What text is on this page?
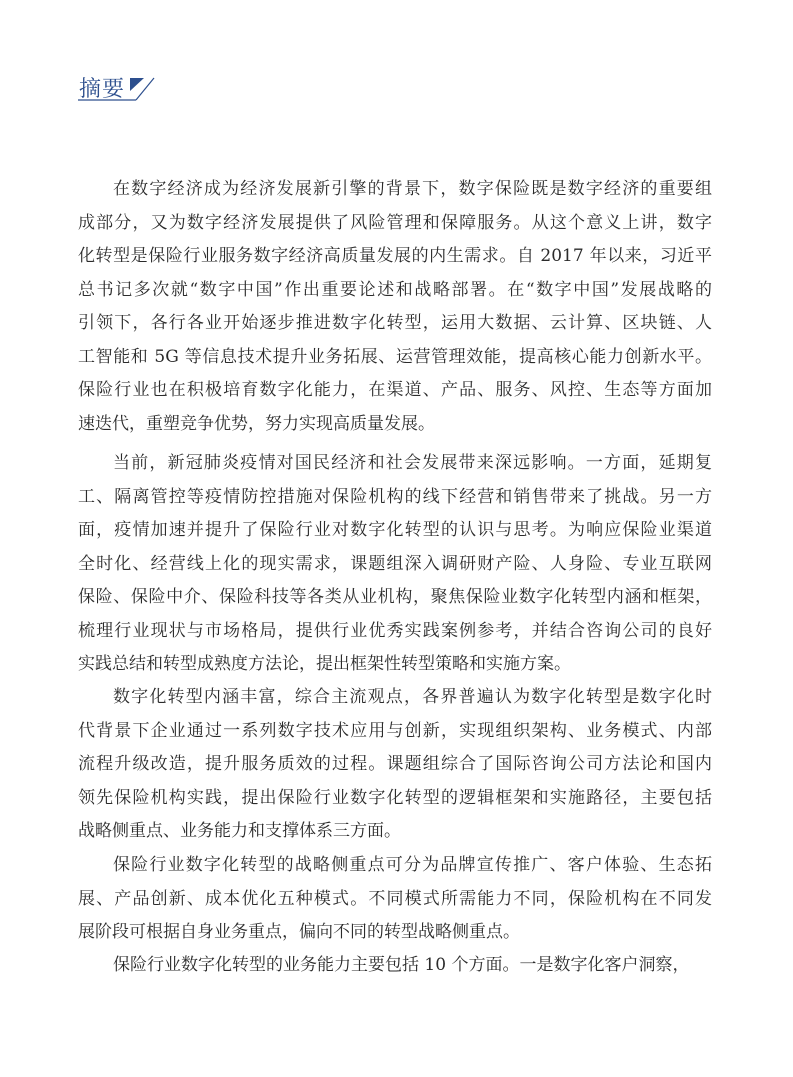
摘要
在数字经济成为经济发展新引擎的背景下，数字保险既是数字经济的重要组
成部分，又为数字经济发展提供了风险管理和保障服务。从这个意义上讲，数字
化转型是保险行业服务数字经济高质量发展的内生需求。自 2017 年以来，习近平
总书记多次就“数字中国”作出重要论述和战略部署。在“数字中国”发展战略的
引领下，各行各业开始逐步推进数字化转型，运用大数据、云计算、区块链、人
工智能和 5G 等信息技术提升业务拓展、运营管理效能，提高核心能力创新水平。
保险行业也在积极培育数字化能力，在渠道、产品、服务、风控、生态等方面加
速迭代，重塑竞争优势，努力实现高质量发展。
当前，新冠肺炎疫情对国民经济和社会发展带来深远影响。一方面，延期复
工、隔离管控等疫情防控措施对保险机构的线下经营和销售带来了挑战。另一方
面，疫情加速并提升了保险行业对数字化转型的认识与思考。为响应保险业渠道
全时化、经营线上化的现实需求，课题组深入调研财产险、人身险、专业互联网
保险、保险中介、保险科技等各类从业机构，聚焦保险业数字化转型内涵和框架，
梳理行业现状与市场格局，提供行业优秀实践案例参考，并结合咨询公司的良好
实践总结和转型成熟度方法论，提出框架性转型策略和实施方案。
数字化转型内涵丰富，综合主流观点，各界普遍认为数字化转型是数字化时
代背景下企业通过一系列数字技术应用与创新，实现组织架构、业务模式、内部
流程升级改造，提升服务质效的过程。课题组综合了国际咨询公司方法论和国内
领先保险机构实践，提出保险行业数字化转型的逻辑框架和实施路径，主要包括
战略侧重点、业务能力和支撑体系三方面。
保险行业数字化转型的战略侧重点可分为品牌宣传推广、客户体验、生态拓
展、产品创新、成本优化五种模式。不同模式所需能力不同，保险机构在不同发
展阶段可根据自身业务重点，偏向不同的转型战略侧重点。
保险行业数字化转型的业务能力主要包括 10 个方面。一是数字化客户洞察，
